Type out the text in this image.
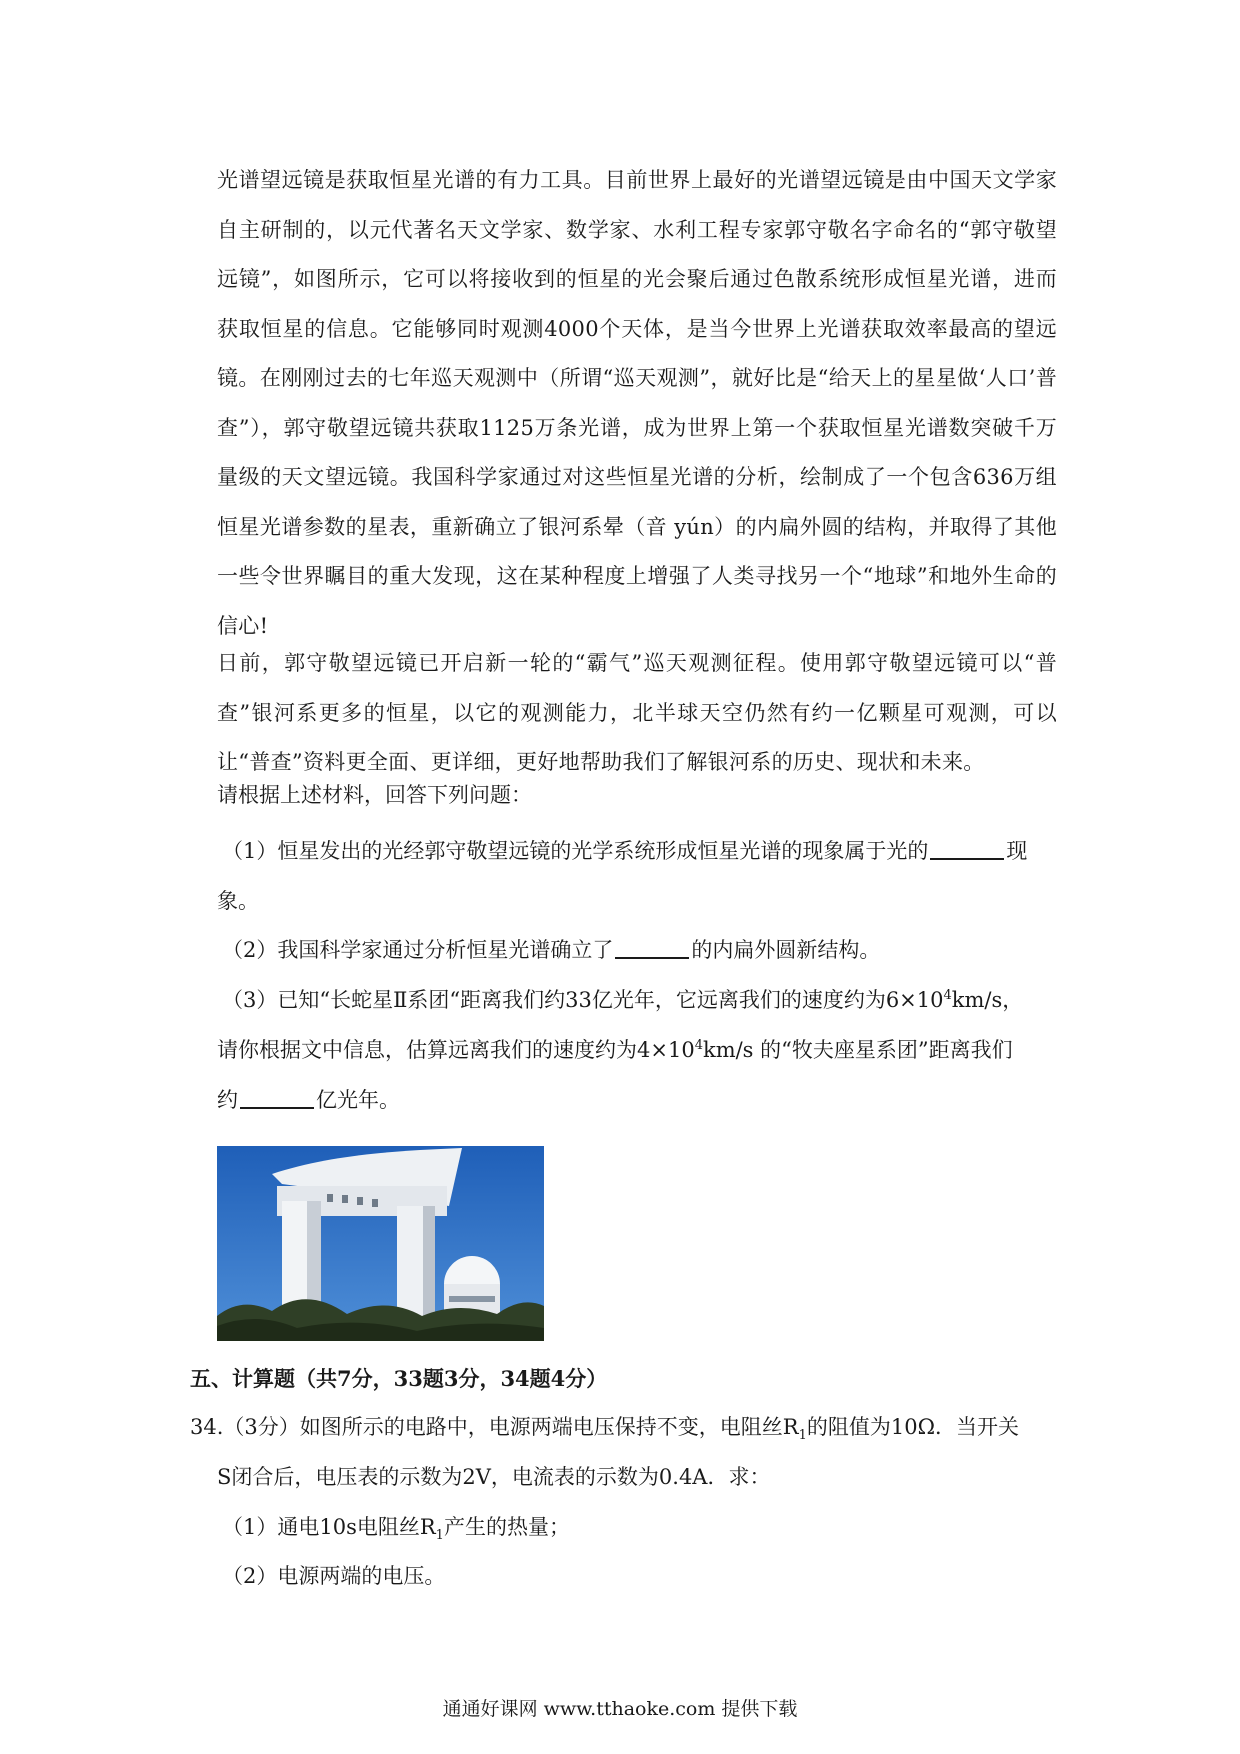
光谱望远镜是获取恒星光谱的有力工具。目前世界上最好的光谱望远镜是由中国天文学家自主研制的，以元代著名天文学家、数学家、水利工程专家郭守敬名字命名的“郭守敬望远镜”，如图所示，它可以将接收到的恒星的光会聚后通过色散系统形成恒星光谱，进而获取恒星的信息。它能够同时观测4000个天体，是当今世界上光谱获取效率最高的望远镜。在刚刚过去的七年巡天观测中（所谓“巡天观测”，就好比是“给天上的星星做‘人口’普查”），郭守敬望远镜共获取1125万条光谱，成为世界上第一个获取恒星光谱数突破千万量级的天文望远镜。我国科学家通过对这些恒星光谱的分析，绘制成了一个包含636万组恒星光谱参数的星表，重新确立了银河系晕（音 yún）的内扁外圆的结构，并取得了其他一些令世界瞩目的重大发现，这在某种程度上增强了人类寻找另一个“地球”和地外生命的信心!

日前，郭守敬望远镜已开启新一轮的“霸气”巡天观测征程。使用郭守敬望远镜可以“普查”银河系更多的恒星，以它的观测能力，北半球天空仍然有约一亿颗星可观测，可以让“普查”资料更全面、更详细，更好地帮助我们了解银河系的历史、现状和未来。

请根据上述材料，回答下列问题：

（1）恒星发出的光经郭守敬望远镜的光学系统形成恒星光谱的现象属于光的	现

象。

（2）我国科学家通过分析恒星光谱确立了	的内扁外圆新结构。

（3）已知“长蛇星Ⅱ系团“距离我们约33亿光年，它远离我们的速度约为$6\times 10^4km/s$，

请你根据文中信息，估算远离我们的速度约为$4\times 10^4km/s$ 的“牧夫座星系团”距离我们

约	亿光年。

五、计算题（共7分，33题3分，34题4分）

34.（3分）如图所示的电路中，电源两端电压保持不变，电阻丝$R_1$的阻值为10Ω．当开关

S闭合后，电压表的示数为2V，电流表的示数为0.4A．求：

（1）通电10s电阻丝$R_1$产生的热量；

（2）电源两端的电压。

通通好课网 www.tthaoke.com 提供下载
